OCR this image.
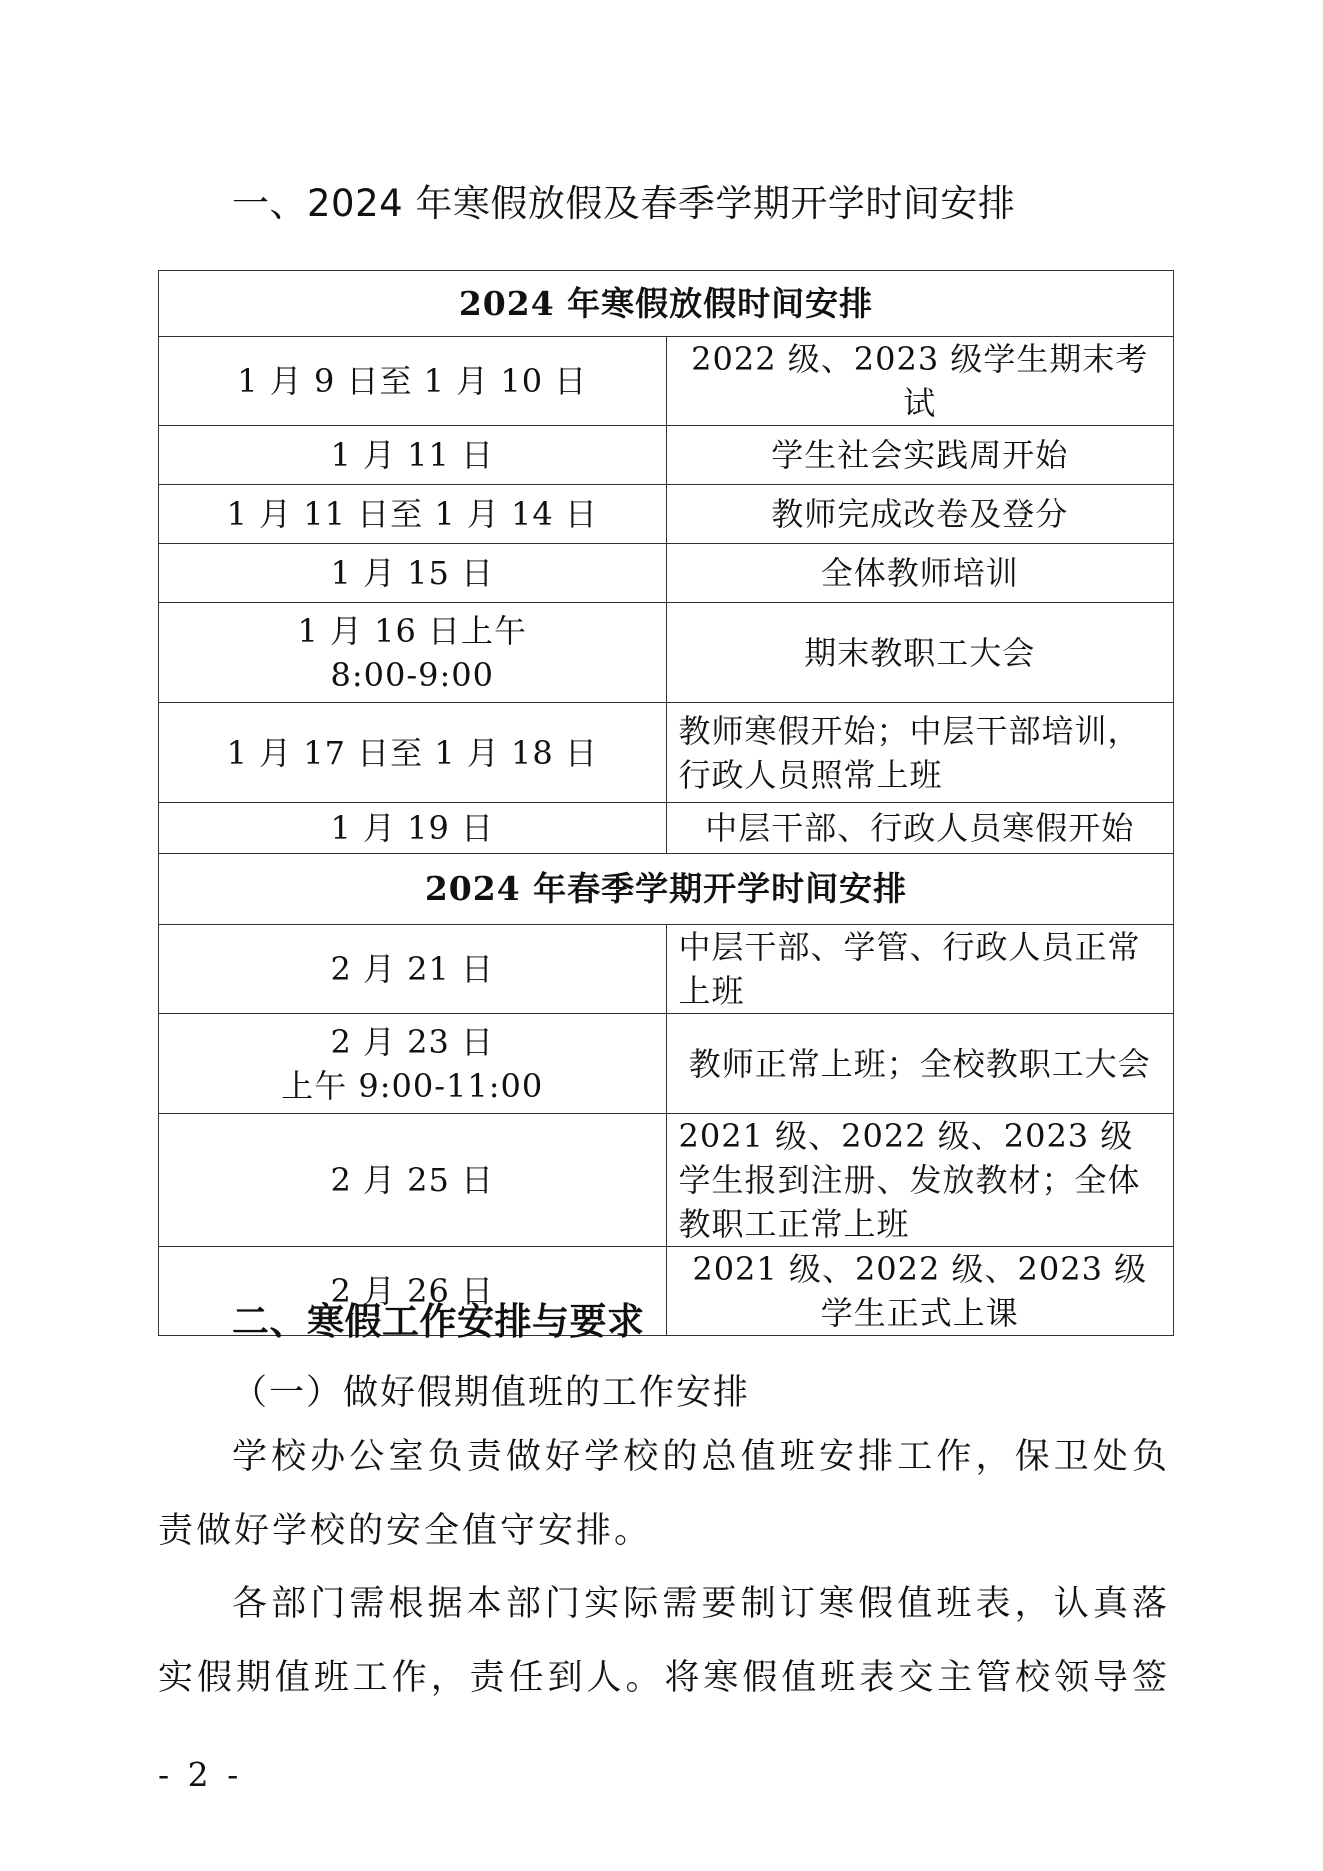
一、2024 年寒假放假及春季学期开学时间安排
2024 年寒假放假时间安排	
1 月 9 日至 1 月 10 日	2022 级、2023 级学生期末考试
1 月 11 日	学生社会实践周开始
1 月 11 日至 1 月 14 日	教师完成改卷及登分
1 月 15 日	全体教师培训

1 月 16 日上午
8:00-9:00	期末教职工大会
1 月 17 日至 1 月 18 日	教师寒假开始；中层干部培训，行政人员照常上班
1 月 19 日	中层干部、行政人员寒假开始
2024 年春季学期开学时间安排	
2 月 21 日	中层干部、学管、行政人员正常上班

2 月 23 日
上午 9:00-11:00	教师正常上班；全校教职工大会
2 月 25 日	2021 级、2022 级、2023 级学生报到注册、发放教材；全体教职工正常上班
2 月 26 日	2021 级、2022 级、2023 级学生正式上课
二、寒假工作安排与要求
（一）做好假期值班的工作安排

学校办公室负责做好学校的总值班安排工作，保卫处负责做好学校的安全值守安排。

各部门需根据本部门实际需要制订寒假值班表，认真落实假期值班工作，责任到人。将寒假值班表交主管校领导签

- 2 -
